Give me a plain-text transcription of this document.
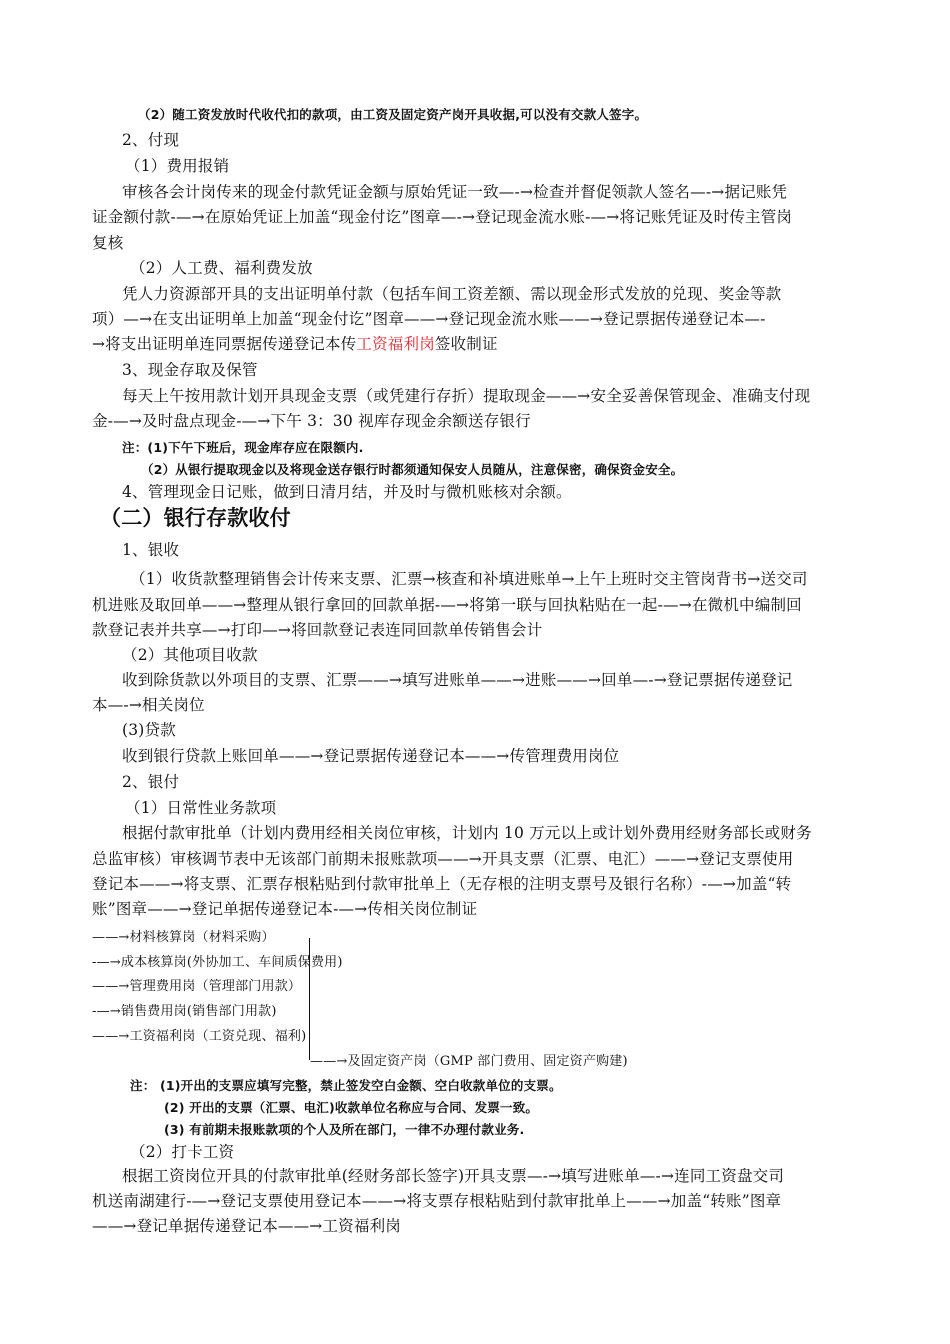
（2）随工资发放时代收代扣的款项，由工资及固定资产岗开具收据,可以没有交款人签字。
2、付现
（1）费用报销
审核各会计岗传来的现金付款凭证金额与原始凭证一致—-→检查并督促领款人签名—-→据记账凭
证金额付款-—→在原始凭证上加盖“现金付讫”图章—-→登记现金流水账-—→将记账凭证及时传主管岗
复核
（2）人工费、福利费发放
凭人力资源部开具的支出证明单付款（包括车间工资差额、需以现金形式发放的兑现、奖金等款
项）—→在支出证明单上加盖“现金付讫”图章——→登记现金流水账——→登记票据传递登记本—-
→将支出证明单连同票据传递登记本传工资福利岗签收制证
3、现金存取及保管
每天上午按用款计划开具现金支票（或凭建行存折）提取现金——→安全妥善保管现金、准确支付现
金-—→及时盘点现金-—→下午 3：30 视库存现金余额送存银行
注：(1)下午下班后，现金库存应在限额内.
（2）从银行提取现金以及将现金送存银行时都须通知保安人员随从，注意保密，确保资金安全。
4、管理现金日记账，做到日清月结，并及时与微机账核对余额。
（二）银行存款收付
1、银收
（1）收货款整理销售会计传来支票、汇票→核查和补填进账单→上午上班时交主管岗背书→送交司
机进账及取回单——→整理从银行拿回的回款单据-—→将第一联与回执粘贴在一起-—→在微机中编制回
款登记表并共享—→打印—→将回款登记表连同回款单传销售会计
（2）其他项目收款
收到除货款以外项目的支票、汇票——→填写进账单——→进账——→回单—-→登记票据传递登记
本—-→相关岗位
(3)贷款
收到银行贷款上账回单——→登记票据传递登记本——→传管理费用岗位
2、银付
（1）日常性业务款项
根据付款审批单（计划内费用经相关岗位审核，计划内 10 万元以上或计划外费用经财务部长或财务
总监审核）审核调节表中无该部门前期未报账款项——→开具支票（汇票、电汇）——→登记支票使用
登记本——→将支票、汇票存根粘贴到付款审批单上（无存根的注明支票号及银行名称）-—→加盖“转
账”图章——→登记单据传递登记本-—→传相关岗位制证
——→材料核算岗（材料采购）
-—→成本核算岗(外协加工、车间质保费用)
——→管理费用岗（管理部门用款）
-—→销售费用岗(销售部门用款)
——→工资福利岗（工资兑现、福利)
——→及固定资产岗（GMP 部门费用、固定资产购建)
注： (1)开出的支票应填写完整，禁止签发空白金额、空白收款单位的支票。
(2) 开出的支票（汇票、电汇)收款单位名称应与合同、发票一致。
(3) 有前期未报账款项的个人及所在部门，一律不办理付款业务.
（2）打卡工资
根据工资岗位开具的付款审批单(经财务部长签字)开具支票—-→填写进账单—-→连同工资盘交司
机送南湖建行-—→登记支票使用登记本——→将支票存根粘贴到付款审批单上——→加盖“转账”图章
——→登记单据传递登记本——→工资福利岗
